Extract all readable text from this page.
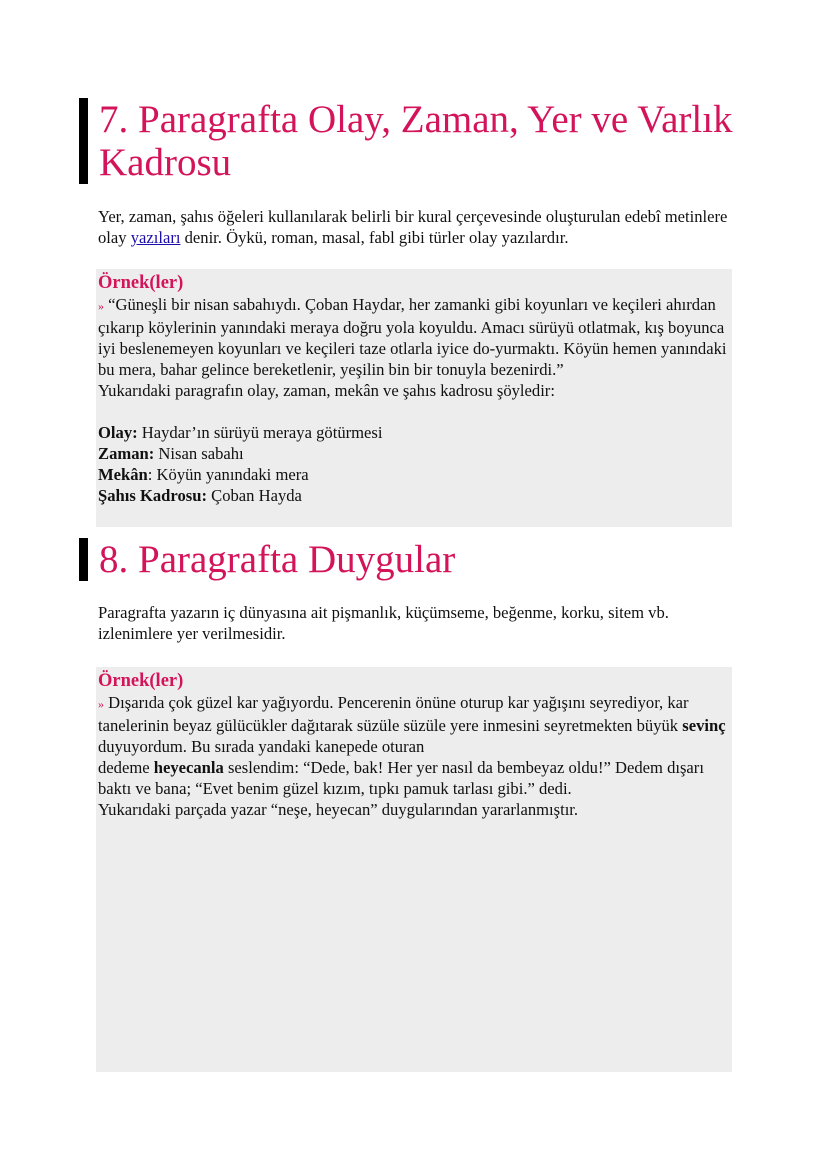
7. Paragrafta Olay, Zaman, Yer ve Varlık Kadrosu

Yer, zaman, şahıs öğeleri kullanılarak belirli bir kural çerçevesinde oluşturulan edebî metinlere olay yazıları denir. Öykü, roman, masal, fabl gibi türler olay yazılardır.

Örnek(ler)
» “Güneşli bir nisan sabahıydı. Çoban Haydar, her zamanki gibi koyunları ve keçileri ahırdan çıkarıp köylerinin yanındaki meraya doğru yola koyuldu. Amacı sürüyü otlatmak, kış boyunca iyi beslenemeyen koyunları ve keçileri taze otlarla iyice do-yurmaktı. Köyün hemen yanındaki bu mera, bahar gelince bereketlenir, yeşilin bin bir tonuyla bezenirdi.”
Yukarıdaki paragrafın olay, zaman, mekân ve şahıs kadrosu şöyledir:
Olay: Haydar’ın sürüyü meraya götürmesi
Zaman: Nisan sabahı
Mekân: Köyün yanındaki mera
Şahıs Kadrosu: Çoban Hayda
8. Paragrafta Duygular

Paragrafta yazarın iç dünyasına ait pişmanlık, küçümseme, beğenme, korku, sitem vb. izlenimlere yer verilmesidir.

Örnek(ler)
» Dışarıda çok güzel kar yağıyordu. Pencerenin önüne oturup kar yağışını seyrediyor, kar tanelerinin beyaz gülücükler dağıtarak süzüle süzüle yere inmesini seyretmekten büyük sevinç duyuyordum. Bu sırada yandaki kanepede oturan
dedeme heyecanla seslendim: “Dede, bak! Her yer nasıl da bembeyaz oldu!” Dedem dışarı baktı ve bana; “Evet benim güzel kızım, tıpkı pamuk tarlası gibi.” dedi.
Yukarıdaki parçada yazar “neşe, heyecan” duygularından yararlanmıştır.
